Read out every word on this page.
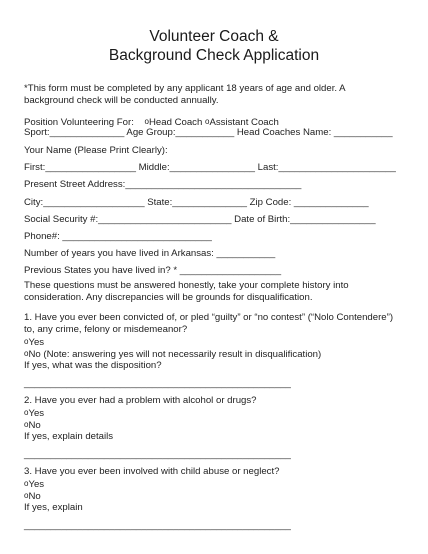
Volunteer Coach &
Background Check Application
*This form must be completed by any applicant 18 years of age and older. A
background check will be conducted annually.
Position Volunteering For: oHead Coach oAssistant Coach
Sport:______________ Age Group:___________ Head Coaches Name: ___________
Your Name (Please Print Clearly):
First:_________________ Middle:________________ Last:______________________
Present Street Address:_________________________________
City:___________________ State:______________ Zip Code: ______________
Social Security #:_________________________ Date of Birth:________________
Phone#: ____________________________
Number of years you have lived in Arkansas: ___________
Previous States you have lived in? * ___________________
These questions must be answered honestly, take your complete history into
consideration. Any discrepancies will be grounds for disqualification.
1. Have you ever been convicted of, or pled “guilty” or “no contest” (“Nolo Contendere”)
to, any crime, felony or misdemeanor?
oYes
oNo (Note: answering yes will not necessarily result in disqualification)
If yes, what was the disposition?
__________________________________________________
2. Have you ever had a problem with alcohol or drugs?
oYes
oNo
If yes, explain details
__________________________________________________
3. Have you ever been involved with child abuse or neglect?
oYes
oNo
If yes, explain
__________________________________________________
